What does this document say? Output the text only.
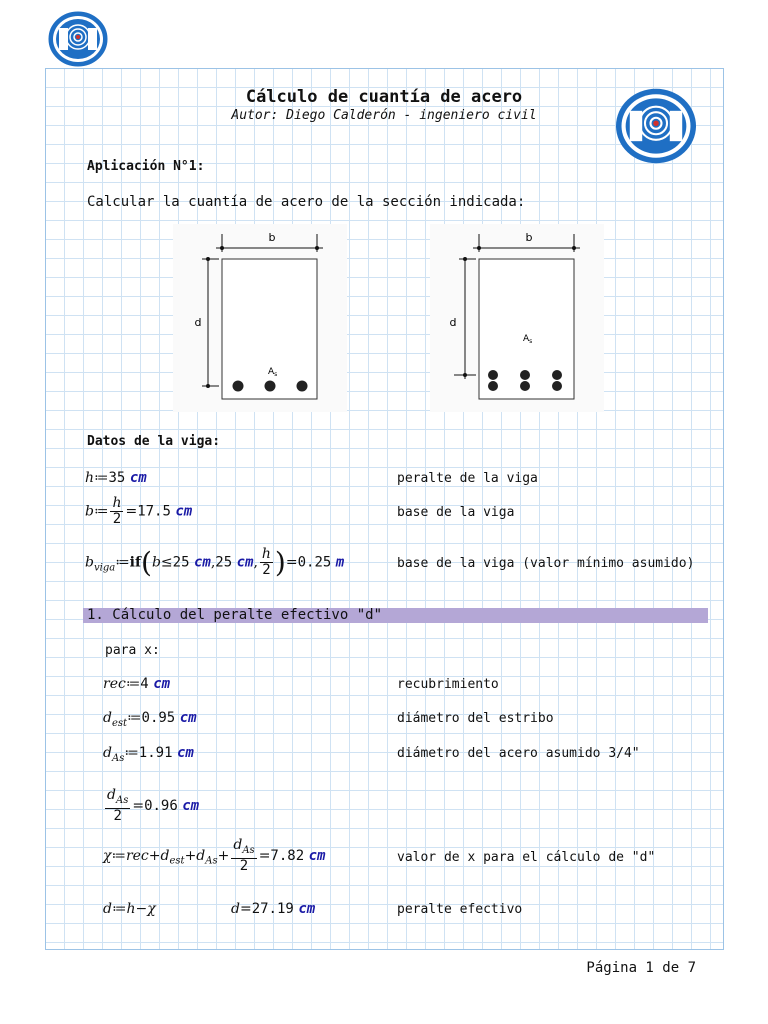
Cálculo de cuantía de acero
Autor: Diego Calderón - ingeniero civil
Aplicación N°1:
Calcular la cuantía de acero de la sección indicada:
b
d
$A_s$
b
d
$A_s$
Datos de la viga:
h≔35 cm	peralte de la viga
b≔ $\frac{h}{2} =17.5$ cm	base de la viga
$b_{viga}≔if(b\le 25$ cm,25 cm, $\frac{h}{2} )=0.25$ m	base de la viga (valor mínimo asumido)
1. Cálculo del peralte efectivo "d"
para x:
rec≔4 cm	recubrimiento
$d_{est}≔0.95$ cm	diámetro del estribo
$d_{As}≔1.91$ cm	diámetro del acero asumido 3/4"
$\frac{d_{As}}{2} =0.96$ cm
$\chi≔rec+d_{est}+d_{As}+ \frac{d_{As}}{2} =7.82$ cm	valor de x para el cálculo de "d"
d≔h−χ	d=27.19 cm	peralte efectivo
Página 1 de 7
